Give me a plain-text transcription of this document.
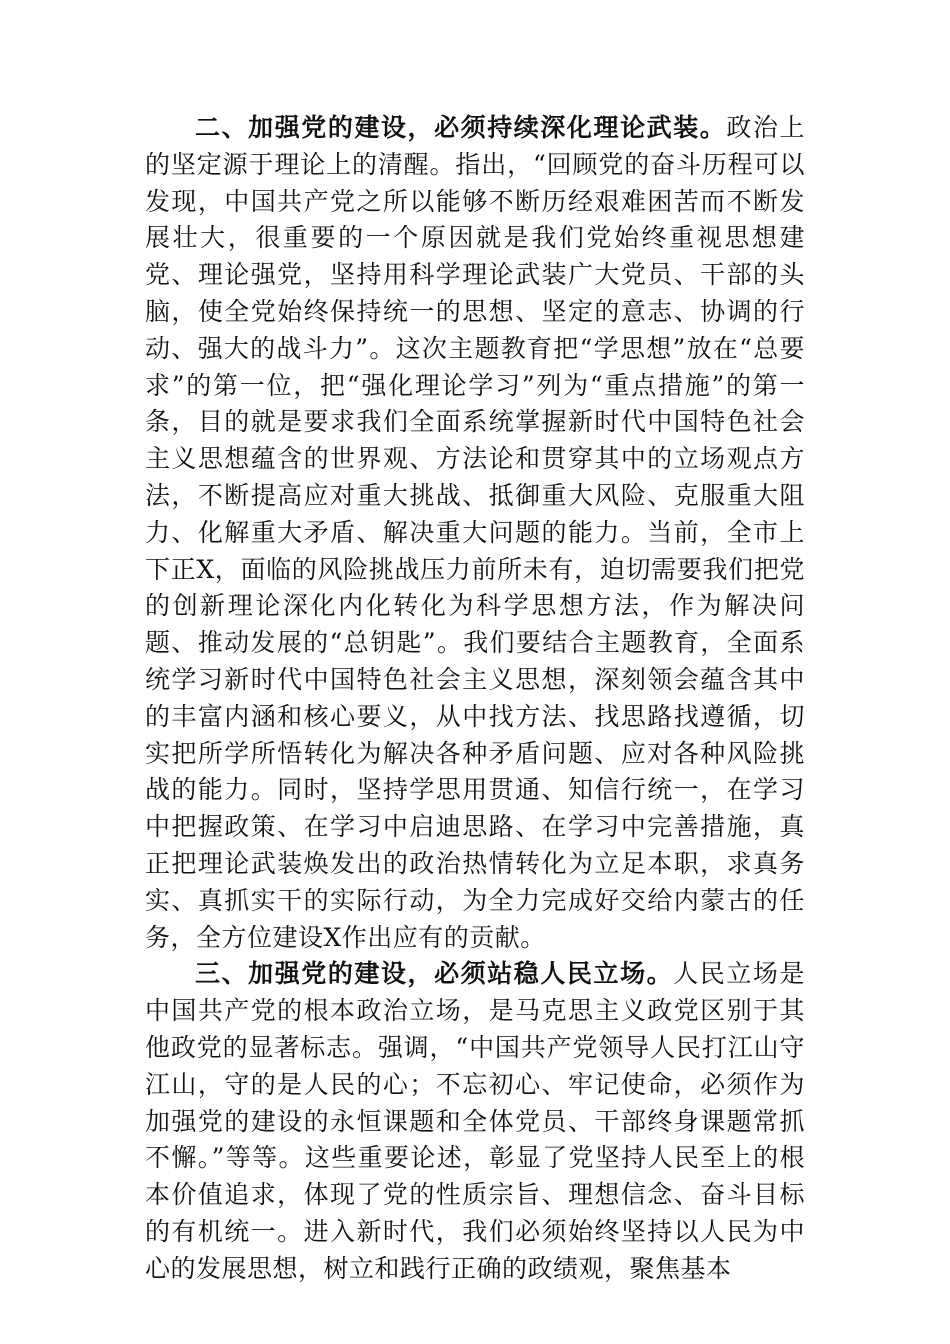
二、加强党的建设，必须持续深化理论武装。政治上的坚定源于理论上的清醒。指出，“回顾党的奋斗历程可以发现，中国共产党之所以能够不断历经艰难困苦而不断发展壮大，很重要的一个原因就是我们党始终重视思想建党、理论强党，坚持用科学理论武装广大党员、干部的头脑，使全党始终保持统一的思想、坚定的意志、协调的行动、强大的战斗力”。这次主题教育把“学思想”放在“总要求”的第一位，把“强化理论学习”列为“重点措施”的第一条，目的就是要求我们全面系统掌握新时代中国特色社会主义思想蕴含的世界观、方法论和贯穿其中的立场观点方法，不断提高应对重大挑战、抵御重大风险、克服重大阻力、化解重大矛盾、解决重大问题的能力。当前，全市上下正X，面临的风险挑战压力前所未有，迫切需要我们把党的创新理论深化内化转化为科学思想方法，作为解决问题、推动发展的“总钥匙”。我们要结合主题教育，全面系统学习新时代中国特色社会主义思想，深刻领会蕴含其中的丰富内涵和核心要义，从中找方法、找思路找遵循，切实把所学所悟转化为解决各种矛盾问题、应对各种风险挑战的能力。同时，坚持学思用贯通、知信行统一，在学习中把握政策、在学习中启迪思路、在学习中完善措施，真正把理论武装焕发出的政治热情转化为立足本职，求真务实、真抓实干的实际行动，为全力完成好交给内蒙古的任务，全方位建设X作出应有的贡献。

三、加强党的建设，必须站稳人民立场。人民立场是中国共产党的根本政治立场，是马克思主义政党区别于其他政党的显著标志。强调，“中国共产党领导人民打江山守江山，守的是人民的心；不忘初心、牢记使命，必须作为加强党的建设的永恒课题和全体党员、干部终身课题常抓不懈。”等等。这些重要论述，彰显了党坚持人民至上的根本价值追求，体现了党的性质宗旨、理想信念、奋斗目标的有机统一。进入新时代，我们必须始终坚持以人民为中心的发展思想，树立和践行正确的政绩观，聚焦基本
